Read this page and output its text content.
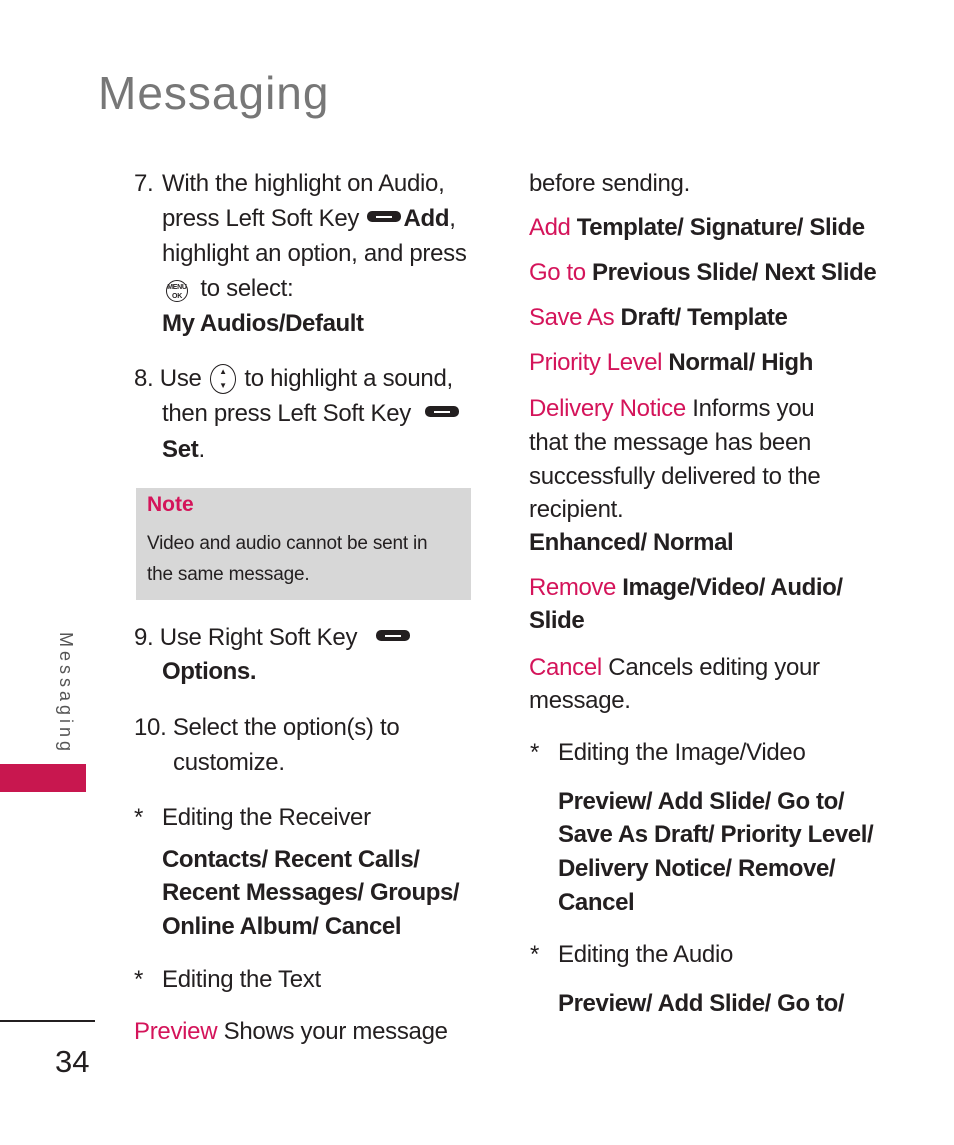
Messaging
Messaging
34
7. With the highlight on Audio,
press Left Soft Key Add,
highlight an option, and press
MENU
OK to select:
My Audios/Default
8. Use	▲
▼ to highlight a sound,
then press Left Soft Key
Set.
Note
Video and audio cannot be sent in
the same message.
9. Use Right Soft Key
Options.
10. Select the option(s) to
customize.
* Editing the Receiver
Contacts/ Recent Calls/
Recent Messages/ Groups/
Online Album/ Cancel
* Editing the Text
Preview Shows your message
before sending.
Add Template/ Signature/ Slide
Go to Previous Slide/ Next Slide
Save As Draft/ Template
Priority Level Normal/ High
Delivery Notice Informs you
that the message has been
successfully delivered to the
recipient.
Enhanced/ Normal
Remove Image/Video/ Audio/
Slide
Cancel Cancels editing your
message.
* Editing the Image/Video
Preview/ Add Slide/ Go to/
Save As Draft/ Priority Level/
Delivery Notice/ Remove/
Cancel
* Editing the Audio
Preview/ Add Slide/ Go to/
